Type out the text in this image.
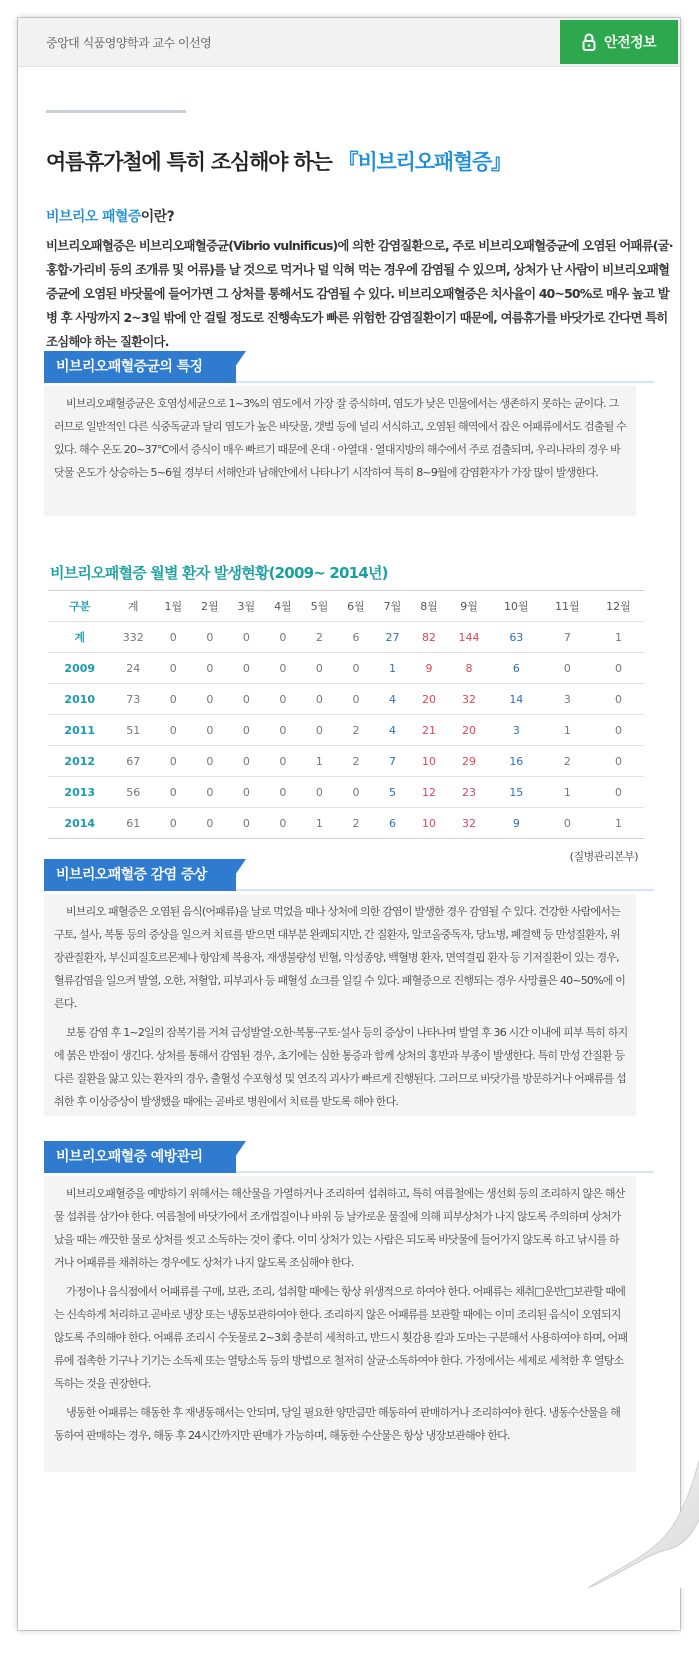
중앙대 식품영양학과 교수 이선영	안전정보
여름휴가철에 특히 조심해야 하는 『비브리오패혈증』
비브리오 패혈증이란?
비브리오패혈증은 비브리오패혈증균(Vibrio vulnificus)에 의한 감염질환으로, 주로 비브리오패혈증균에 오염된 어패류(굴·홍합·가리비 등의 조개류 및 어류)를 날 것으로 먹거나 덜 익혀 먹는 경우에 감염될 수 있으며, 상처가 난 사람이 비브리오패혈증균에 오염된 바닷물에 들어가면 그 상처를 통해서도 감염될 수 있다. 비브리오패혈증은 치사율이 40~50%로 매우 높고 발병 후 사망까지 2~3일 밖에 안 걸릴 정도로 진행속도가 빠른 위험한 감염질환이기 때문에, 여름휴가를 바닷가로 간다면 특히 조심해야 하는 질환이다.
비브리오패혈증균의 특징

비브리오패혈증균은 호염성세균으로 1~3%의 염도에서 가장 잘 증식하며, 염도가 낮은 민물에서는 생존하지 못하는 균이다. 그러므로 일반적인 다른 식중독균과 달리 염도가 높은 바닷물, 갯벌 등에 널리 서식하고, 오염된 해역에서 잡은 어패류에서도 검출될 수 있다. 해수 온도 20~37℃에서 증식이 매우 빠르기 때문에 온대 · 아열대 · 열대지방의 해수에서 주로 검출되며, 우리나라의 경우 바닷물 온도가 상승하는 5~6월 경부터 서해안과 남해안에서 나타나기 시작하여 특히 8~9월에 감염환자가 가장 많이 발생한다.

비브리오패혈증 월별 환자 발생현황(2009~ 2014년)
구분	계	1월	2월	3월	4월	5월	6월	7월	8월	9월	10월	11월	12월
계	332	0	0	0	0	2	6	27	82	144	63	7	1
2009	24	0	0	0	0	0	0	1	9	8	6	0	0
2010	73	0	0	0	0	0	0	4	20	32	14	3	0
2011	51	0	0	0	0	0	2	4	21	20	3	1	0
2012	67	0	0	0	0	1	2	7	10	29	16	2	0
2013	56	0	0	0	0	0	0	5	12	23	15	1	0
2014	61	0	0	0	0	1	2	6	10	32	9	0	1
(질병관리본부)
비브리오패혈증 감염 증상

비브리오 패혈증은 오염된 음식(어패류)을 날로 먹었을 때나 상처에 의한 감염이 발생한 경우 감염될 수 있다. 건강한 사람에서는 구토, 설사, 복통 등의 증상을 일으켜 치료를 받으면 대부분 완쾌되지만, 간 질환자, 알코올중독자, 당뇨병, 폐결핵 등 만성질환자, 위장관질환자, 부신피질호르몬제나 항암제 복용자, 재생불량성 빈혈, 악성종양, 백혈병 환자, 면역결핍 환자 등 기저질환이 있는 경우, 혈류감염을 일으켜 발열, 오한, 저혈압, 피부괴사 등 패혈성 쇼크를 일킬 수 있다. 패혈증으로 진행되는 경우 사망률은 40~50%에 이른다.

보통 감염 후 1~2일의 잠복기를 거쳐 급성발열·오한·복통·구토·설사 등의 증상이 나타나며 발열 후 36 시간 이내에 피부 특히 하지에 붉은 반점이 생긴다. 상처를 통해서 감염된 경우, 초기에는 심한 통증과 함께 상처의 홍반과 부종이 발생한다. 특히 만성 간질환 등 다른 질환을 앓고 있는 환자의 경우, 출혈성 수포형성 및 연조직 괴사가 빠르게 진행된다. 그러므로 바닷가를 방문하거나 어패류를 섭취한 후 이상증상이 발생했을 때에는 곧바로 병원에서 치료를 받도록 해야 한다.

비브리오패혈증 예방관리

비브리오패혈증을 예방하기 위해서는 해산물을 가열하거나 조리하여 섭취하고, 특히 여름철에는 생선회 등의 조리하지 않은 해산물 섭취를 삼가야 한다. 여름철에 바닷가에서 조개껍질이나 바위 등 날카로운 물질에 의해 피부상처가 나지 않도록 주의하며 상처가 났을 때는 깨끗한 물로 상처를 씻고 소독하는 것이 좋다. 이미 상처가 있는 사람은 되도록 바닷물에 들어가지 않도록 하고 낚시를 하거나 어패류를 채취하는 경우에도 상처가 나지 않도록 조심해야 한다.

가정이나 음식점에서 어패류를 구매, 보관, 조리, 섭취할 때에는 항상 위생적으로 하여야 한다. 어패류는 채취□운반□보관할 때에는 신속하게 처리하고 곧바로 냉장 또는 냉동보관하여야 한다. 조리하지 않은 어패류를 보관할 때에는 이미 조리된 음식이 오염되지 않도록 주의해야 한다. 어패류 조리시 수돗물로 2~3회 충분히 세척하고, 반드시 횟감용 칼과 도마는 구분해서 사용하여야 하며, 어패류에 접촉한 기구나 기기는 소독제 또는 열탕소독 등의 방법으로 철저히 살균·소독하여야 한다. 가정에서는 세제로 세척한 후 열탕소독하는 것을 권장한다.

냉동한 어패류는 해동한 후 재냉동해서는 안되며, 당일 필요한 양만큼만 해동하여 판매하거나 조리하여야 한다. 냉동수산물을 해동하여 판매하는 경우, 해동 후 24시간까지만 판매가 가능하며, 해동한 수산물은 항상 냉장보관해야 한다.
